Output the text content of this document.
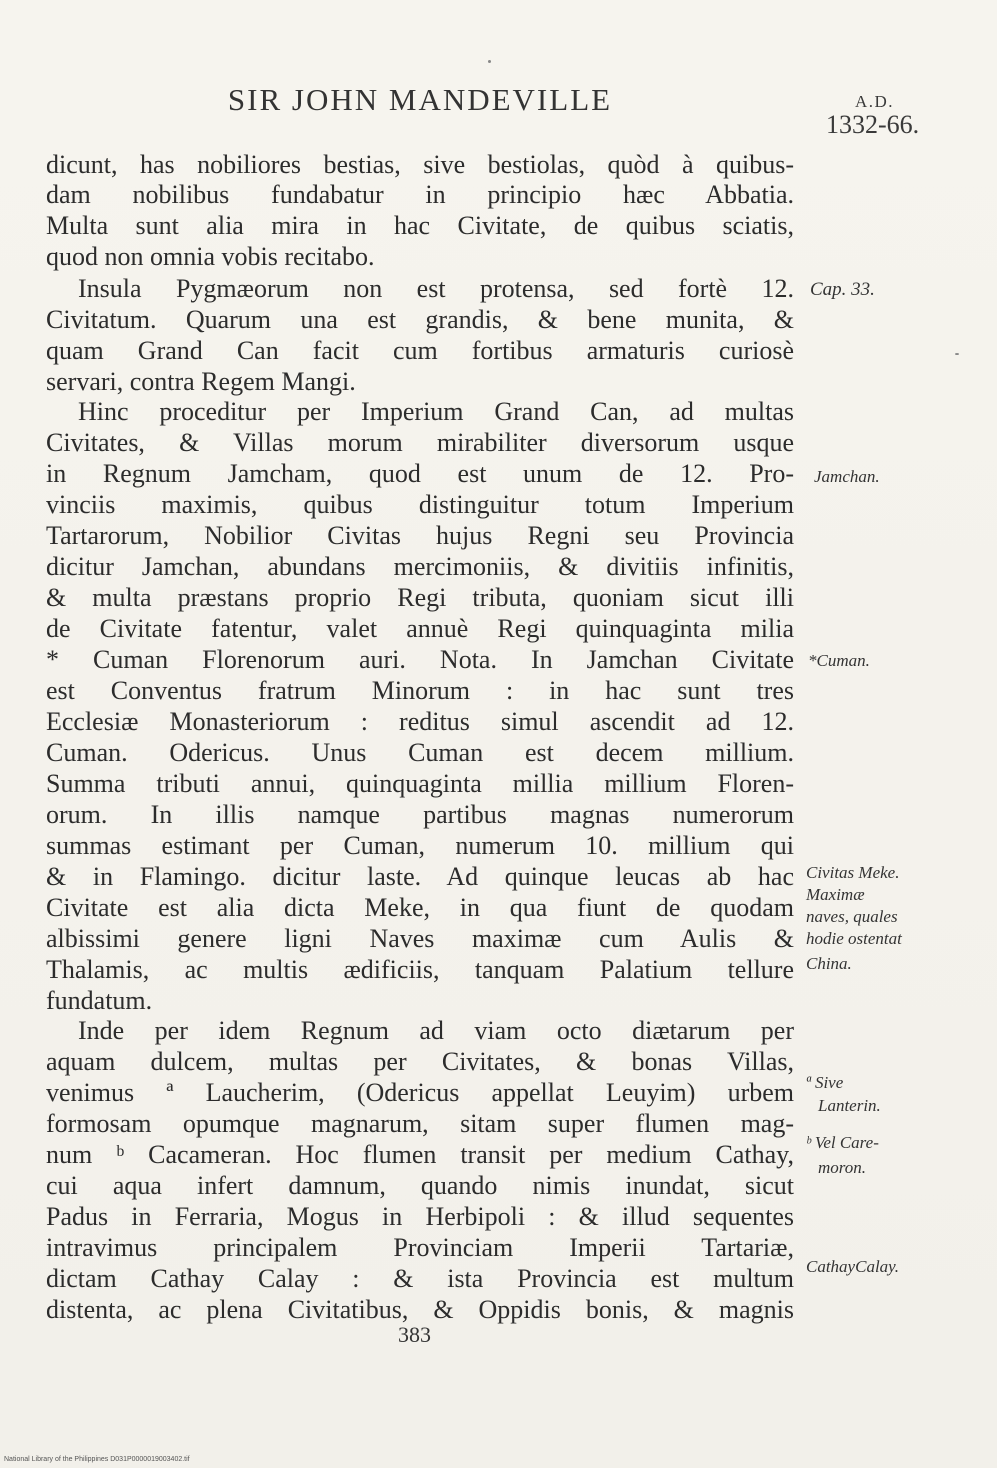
SIR JOHN MANDEVILLE	A.D.
1332-66.
dicunt, has nobiliores bestias, sive bestiolas, quòd à quibus-
dam nobilibus fundabatur in principio hæc Abbatia.
Multa sunt alia mira in hac Civitate, de quibus sciatis,
quod non omnia vobis recitabo.
Insula Pygmæorum non est protensa, sed fortè 12.
Civitatum. Quarum una est grandis, & bene munita, &
quam Grand Can facit cum fortibus armaturis curiosè
servari, contra Regem Mangi.
Hinc proceditur per Imperium Grand Can, ad multas
Civitates, & Villas morum mirabiliter diversorum usque
in Regnum Jamcham, quod est unum de 12. Pro-
vinciis maximis, quibus distinguitur totum Imperium
Tartarorum, Nobilior Civitas hujus Regni seu Provincia
dicitur Jamchan, abundans mercimoniis, & divitiis infinitis,
& multa præstans proprio Regi tributa, quoniam sicut illi
de Civitate fatentur, valet annuè Regi quinquaginta milia
* Cuman Florenorum auri. Nota. In Jamchan Civitate
est Conventus fratrum Minorum : in hac sunt tres
Ecclesiæ Monasteriorum : reditus simul ascendit ad 12.
Cuman. Odericus. Unus Cuman est decem millium.
Summa tributi annui, quinquaginta millia millium Floren-
orum. In illis namque partibus magnas numerorum
summas estimant per Cuman, numerum 10. millium qui
& in Flamingo. dicitur laste. Ad quinque leucas ab hac
Civitate est alia dicta Meke, in qua fiunt de quodam
albissimi genere ligni Naves maximæ cum Aulis &
Thalamis, ac multis ædificiis, tanquam Palatium tellure
fundatum.
Inde per idem Regnum ad viam octo diætarum per
aquam dulcem, multas per Civitates, & bonas Villas,
venimus ª Laucherim, (Odericus appellat Leuyim) urbem
formosam opumque magnarum, sitam super flumen mag-
num ᵇ Cacameran. Hoc flumen transit per medium Cathay,
cui aqua infert damnum, quando nimis inundat, sicut
Padus in Ferraria, Mogus in Herbipoli : & illud sequentes
intravimus principalem Provinciam Imperii Tartariæ,
dictam Cathay Calay : & ista Provincia est multum
distenta, ac plena Civitatibus, & Oppidis bonis, & magnis
Cap. 33.
Jamchan.
*Cuman.
Civitas Meke.
Maximæ
naves, quales
hodie ostentat
China.
ª Sive
Lanterin.
ᵇ Vel Care-
moron.
CathayCalay.
383
National Library of the Philippines D031P0000019003402.tif
